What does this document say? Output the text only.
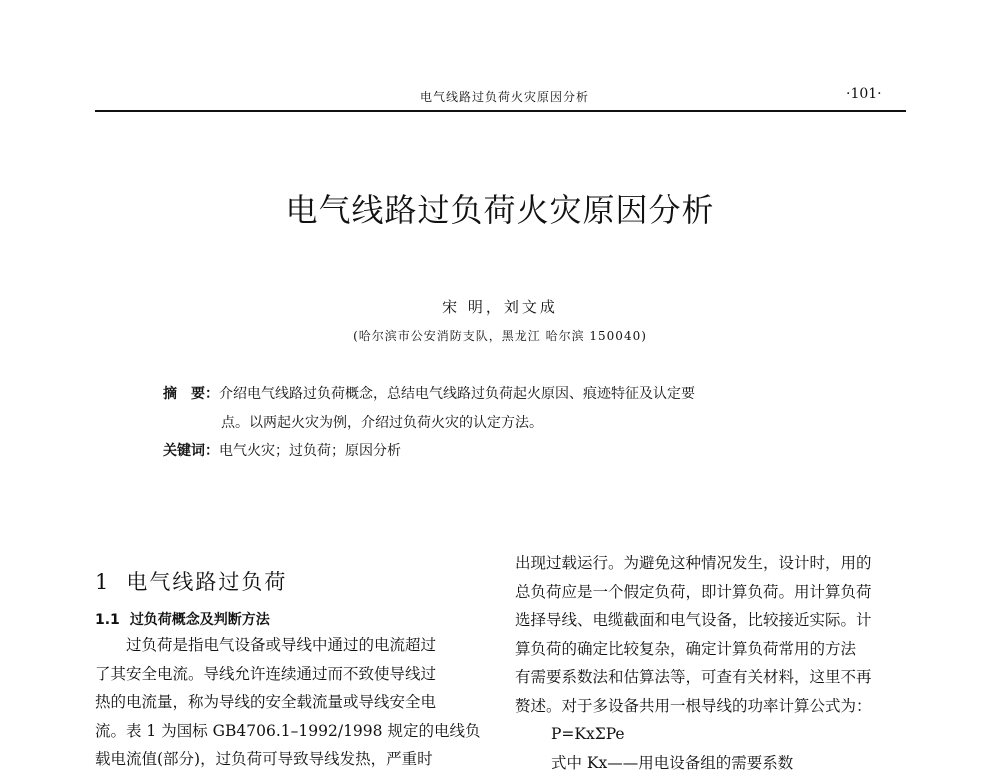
电气线路过负荷火灾原因分析	·101·
电气线路过负荷火灾原因分析
宋 明，刘文成
(哈尔滨市公安消防支队，黑龙江 哈尔滨 150040)
摘　要：介绍电气线路过负荷概念，总结电气线路过负荷起火原因、痕迹特征及认定要
点。以两起火灾为例，介绍过负荷火灾的认定方法。
关键词：电气火灾；过负荷；原因分析
1 电气线路过负荷
1.1 过负荷概念及判断方法

过负荷是指电气设备或导线中通过的电流超过

了其安全电流。导线允许连续通过而不致使导线过

热的电流量，称为导线的安全载流量或导线安全电

流。表 1 为国标 GB4706.1–1992/1998 规定的电线负

载电流值(部分)，过负荷可导致导线发热，严重时

出现过载运行。为避免这种情况发生，设计时，用的

总负荷应是一个假定负荷，即计算负荷。用计算负荷

选择导线、电缆截面和电气设备，比较接近实际。计

算负荷的确定比较复杂，确定计算负荷常用的方法

有需要系数法和估算法等，可查有关材料，这里不再

赘述。对于多设备共用一根导线的功率计算公式为：

P=KxΣPe

式中 Kx——用电设备组的需要系数
